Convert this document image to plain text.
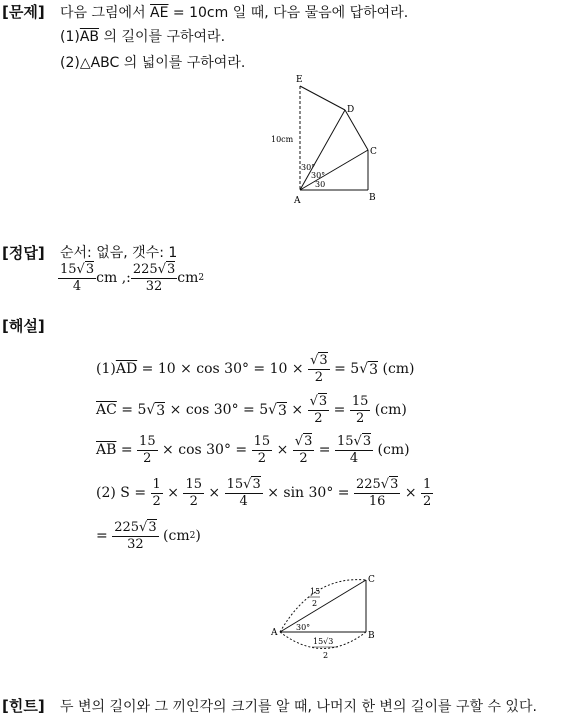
[문제] 다음 그림에서 $\overline{AE} = 10cm$ 일 때, 다음 물음에 답하여라.
$(1)\overline{AB}$ 의 길이를 구하여라.
(2)△ABC 의 넓이를 구하여라.
E
D
C
A	B
10cm
30°
30°
30
[정답] 순서: 없음, 갯수: 1
$\frac{15√3}{4}$ cm ,: $\frac{225√3}{32}$ cm 2
[해설]
(1) $\overline{AD} = 10 \times \cos 30^\circ = 10 \times \frac{√3}{2} = 5$ √ 3 (cm)
$\overline{AC} = 5$ √ 3 × cos 30° = 5 √ $3 \times \frac{√3}{2} = \frac{15}{2} (cm)$
$\overline{AB} = \frac{15}{2} \times \cos 30^\circ = \frac{15}{2} \times \frac{√3}{2} = \frac{15√3}{4} (cm)$
(2) $S = \frac{1}{2} \times \frac{15}{2} \times \frac{15√3}{4} \times \sin 30^\circ = \frac{225√3}{16} \times \frac{1}{2}$
= $\frac{225√3}{32} (cm$ 2 )
A	B
C
30°
15
2
15√3
2
[힌트] 두 변의 길이와 그 끼인각의 크기를 알 때, 나머지 한 변의 길이를 구할 수 있다.
